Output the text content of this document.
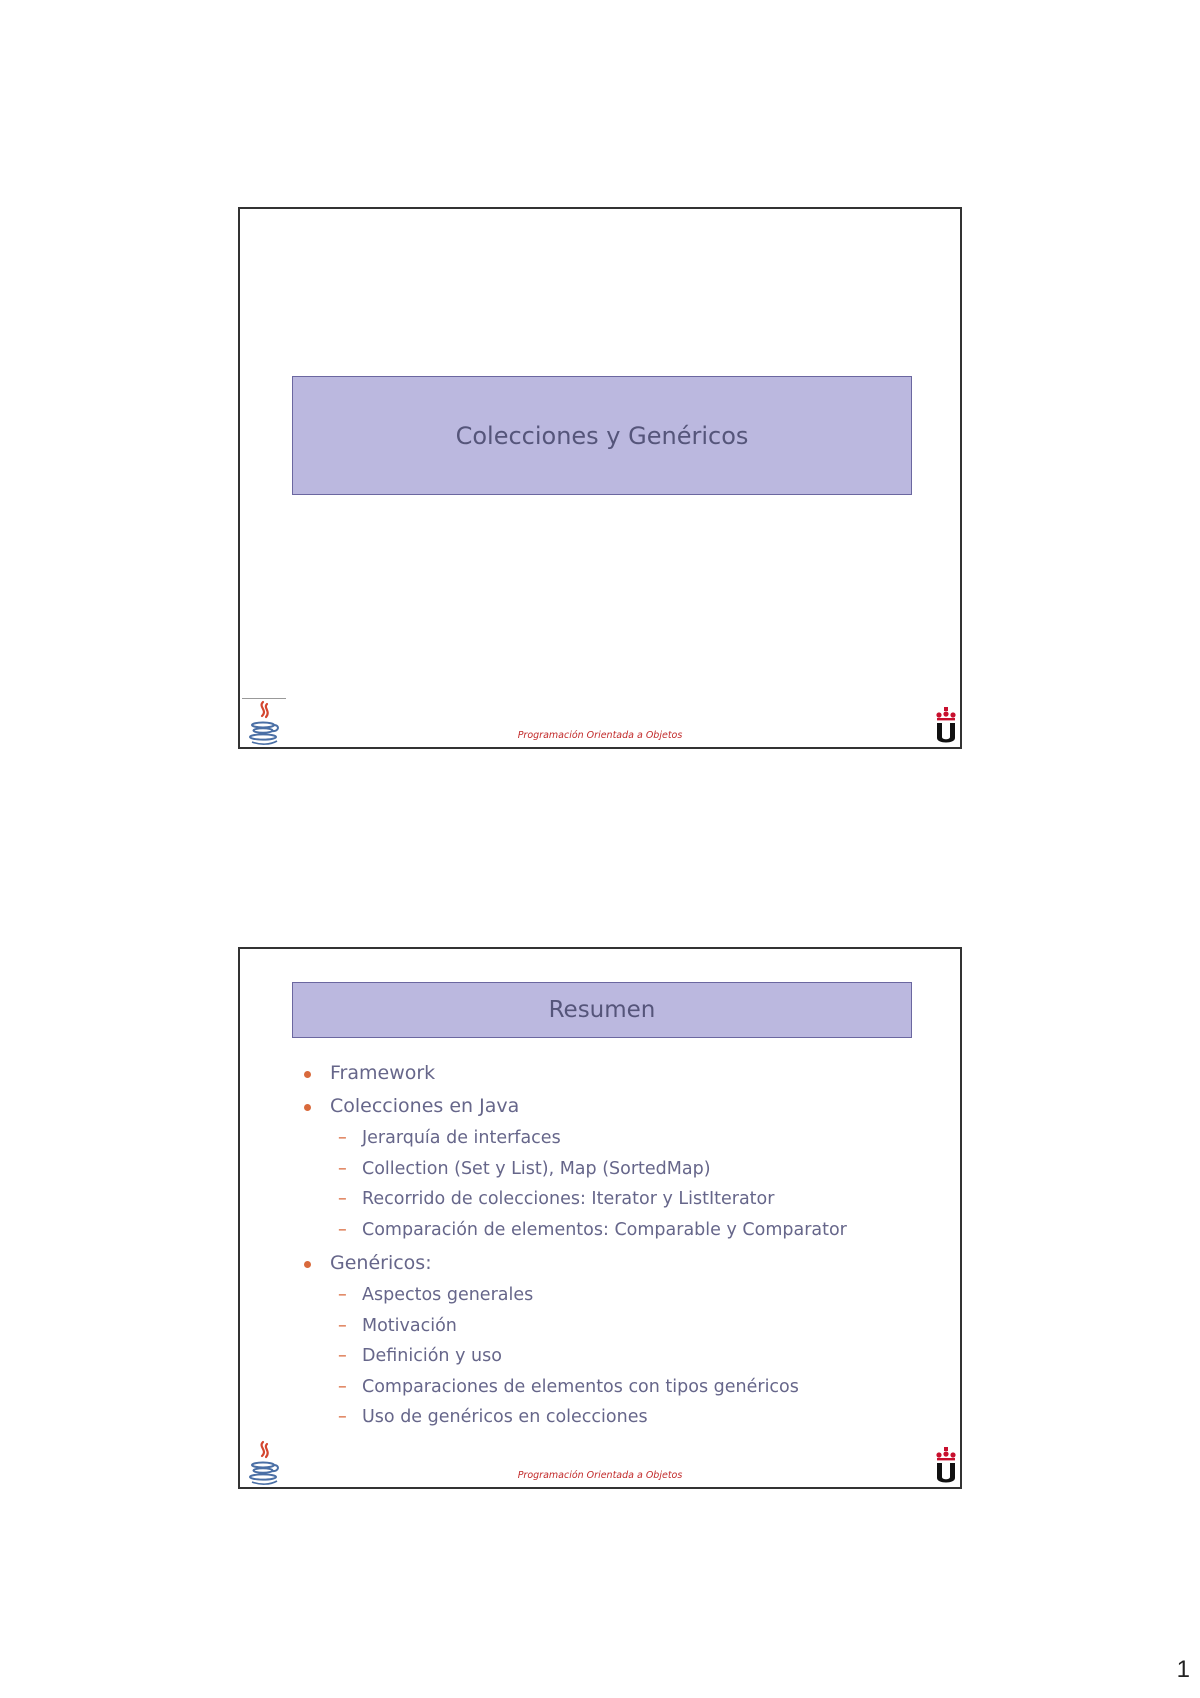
Colecciones y Genéricos
Programación Orientada a Objetos
Resumen
Framework
Colecciones en Java
– Jerarquía de interfaces
– Collection (Set y List), Map (SortedMap)
– Recorrido de colecciones: Iterator y ListIterator
– Comparación de elementos: Comparable y Comparator
Genéricos:
– Aspectos generales
– Motivación
– Definición y uso
– Comparaciones de elementos con tipos genéricos
– Uso de genéricos en colecciones
Programación Orientada a Objetos
1
